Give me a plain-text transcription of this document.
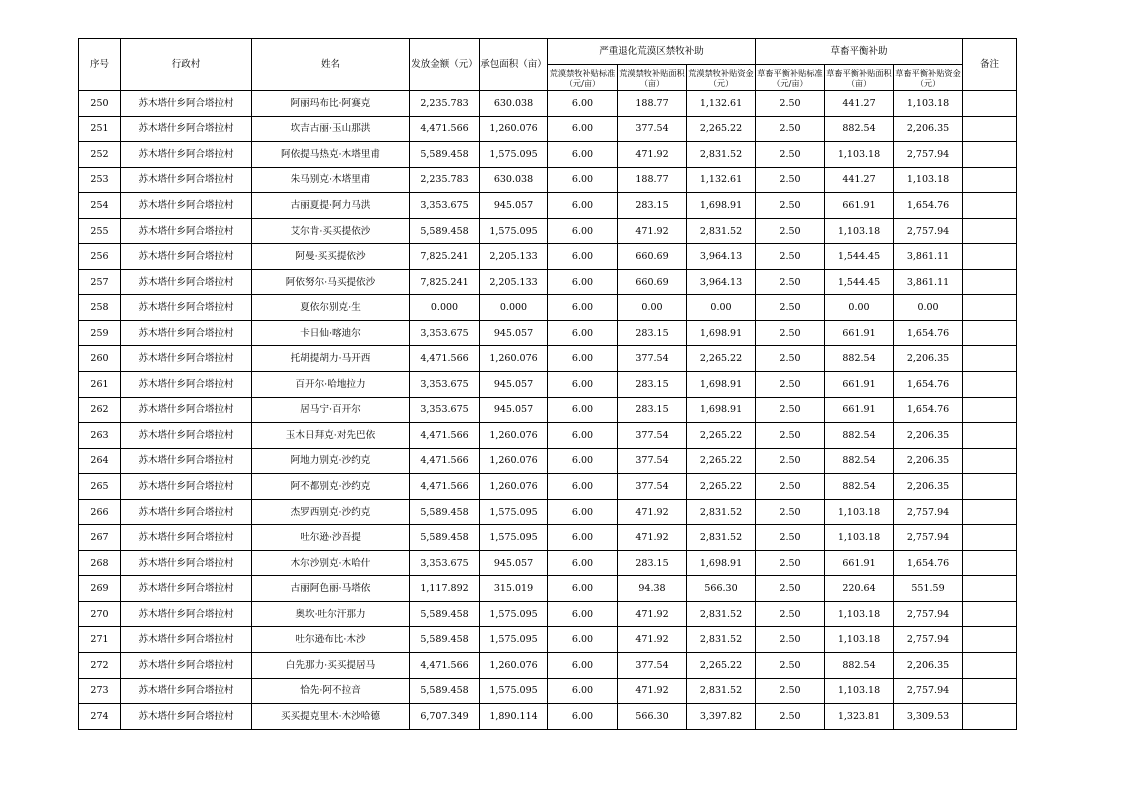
序号	行政村	姓名	发放金额（元）	承包面积（亩）	严重退化荒漠区禁牧补助			草畜平衡补助			备注
					荒漠禁牧补贴标准（元/亩）	荒漠禁牧补贴面积（亩）	荒漠禁牧补贴资金（元）	草畜平衡补贴标准（元/亩）	草畜平衡补贴面积（亩）	草畜平衡补贴资金（元）	
250	苏木塔什乡阿合塔拉村	阿丽玛布比·阿赛克	2,235.783	630.038	6.00	188.77	1,132.61	2.50	441.27	1,103.18	
251	苏木塔什乡阿合塔拉村	坎吉古丽·玉山那洪	4,471.566	1,260.076	6.00	377.54	2,265.22	2.50	882.54	2,206.35	
252	苏木塔什乡阿合塔拉村	阿依提马热克·木塔里甫	5,589.458	1,575.095	6.00	471.92	2,831.52	2.50	1,103.18	2,757.94	
253	苏木塔什乡阿合塔拉村	朱马别克·木塔里甫	2,235.783	630.038	6.00	188.77	1,132.61	2.50	441.27	1,103.18	
254	苏木塔什乡阿合塔拉村	古丽夏提·阿力马洪	3,353.675	945.057	6.00	283.15	1,698.91	2.50	661.91	1,654.76	
255	苏木塔什乡阿合塔拉村	艾尔肯·买买提依沙	5,589.458	1,575.095	6.00	471.92	2,831.52	2.50	1,103.18	2,757.94	
256	苏木塔什乡阿合塔拉村	阿曼·买买提依沙	7,825.241	2,205.133	6.00	660.69	3,964.13	2.50	1,544.45	3,861.11	
257	苏木塔什乡阿合塔拉村	阿依努尔·马买提依沙	7,825.241	2,205.133	6.00	660.69	3,964.13	2.50	1,544.45	3,861.11	
258	苏木塔什乡阿合塔拉村	夏依尔别克·生	0.000	0.000	6.00	0.00	0.00	2.50	0.00	0.00	
259	苏木塔什乡阿合塔拉村	卡日仙·喀迪尔	3,353.675	945.057	6.00	283.15	1,698.91	2.50	661.91	1,654.76	
260	苏木塔什乡阿合塔拉村	托胡提胡力·马开西	4,471.566	1,260.076	6.00	377.54	2,265.22	2.50	882.54	2,206.35	
261	苏木塔什乡阿合塔拉村	百开尔·哈地拉力	3,353.675	945.057	6.00	283.15	1,698.91	2.50	661.91	1,654.76	
262	苏木塔什乡阿合塔拉村	居马宁·百开尔	3,353.675	945.057	6.00	283.15	1,698.91	2.50	661.91	1,654.76	
263	苏木塔什乡阿合塔拉村	玉木日拜克·对先巴依	4,471.566	1,260.076	6.00	377.54	2,265.22	2.50	882.54	2,206.35	
264	苏木塔什乡阿合塔拉村	阿地力别克·沙约克	4,471.566	1,260.076	6.00	377.54	2,265.22	2.50	882.54	2,206.35	
265	苏木塔什乡阿合塔拉村	阿不都别克·沙约克	4,471.566	1,260.076	6.00	377.54	2,265.22	2.50	882.54	2,206.35	
266	苏木塔什乡阿合塔拉村	杰罗西别克·沙约克	5,589.458	1,575.095	6.00	471.92	2,831.52	2.50	1,103.18	2,757.94	
267	苏木塔什乡阿合塔拉村	吐尔逊·沙吾提	5,589.458	1,575.095	6.00	471.92	2,831.52	2.50	1,103.18	2,757.94	
268	苏木塔什乡阿合塔拉村	木尔沙别克·木哈什	3,353.675	945.057	6.00	283.15	1,698.91	2.50	661.91	1,654.76	
269	苏木塔什乡阿合塔拉村	古丽阿色丽·马塔依	1,117.892	315.019	6.00	94.38	566.30	2.50	220.64	551.59	
270	苏木塔什乡阿合塔拉村	奥坎·吐尔汗那力	5,589.458	1,575.095	6.00	471.92	2,831.52	2.50	1,103.18	2,757.94	
271	苏木塔什乡阿合塔拉村	吐尔逊布比·木沙	5,589.458	1,575.095	6.00	471.92	2,831.52	2.50	1,103.18	2,757.94	
272	苏木塔什乡阿合塔拉村	白先那力·买买提居马	4,471.566	1,260.076	6.00	377.54	2,265.22	2.50	882.54	2,206.35	
273	苏木塔什乡阿合塔拉村	恰先·阿不拉音	5,589.458	1,575.095	6.00	471.92	2,831.52	2.50	1,103.18	2,757.94	
274	苏木塔什乡阿合塔拉村	买买提克里木·木沙哈德	6,707.349	1,890.114	6.00	566.30	3,397.82	2.50	1,323.81	3,309.53	
